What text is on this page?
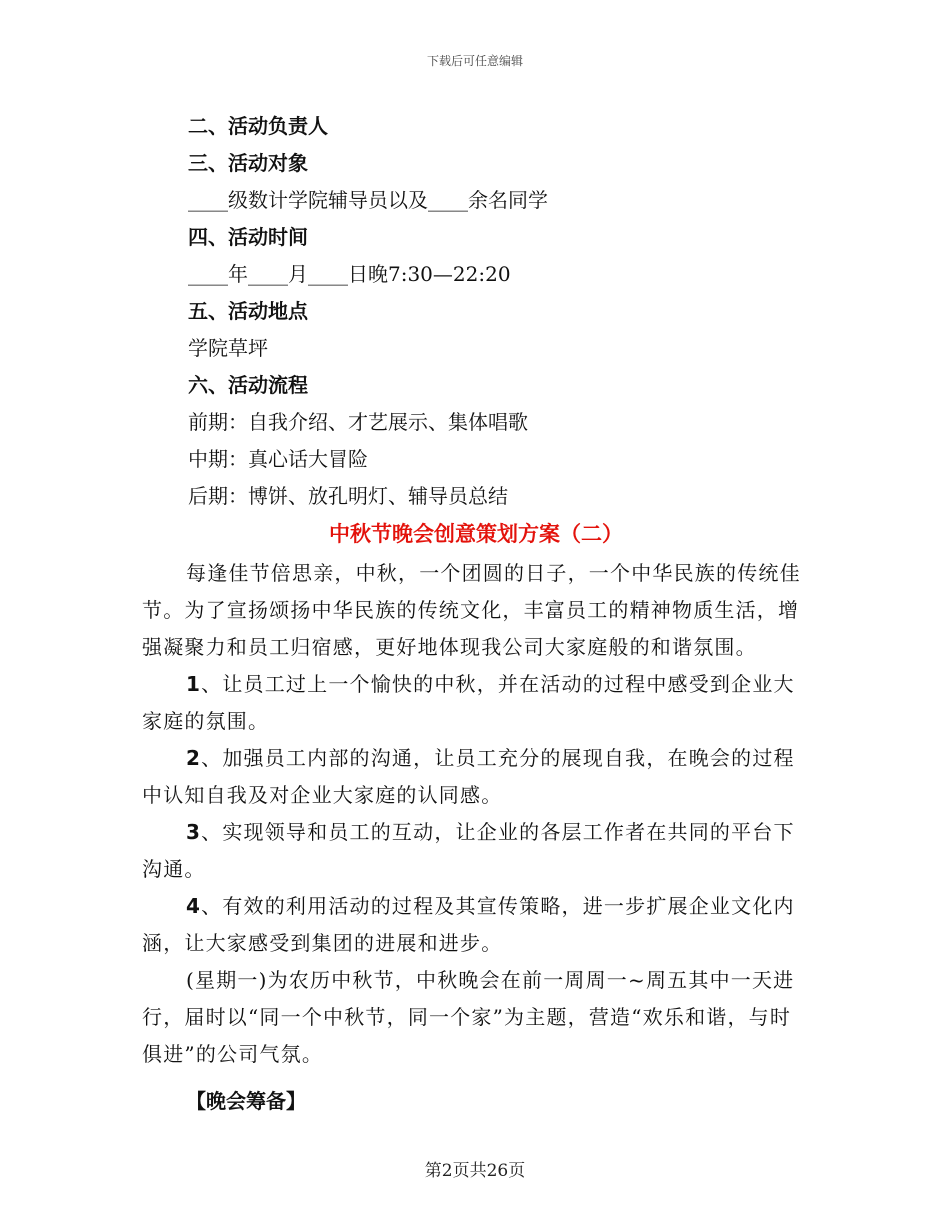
下载后可任意编辑
二、活动负责人
三、活动对象
____级数计学院辅导员以及____余名同学
四、活动时间
____年____月____日晚7:30—22:20
五、活动地点
学院草坪
六、活动流程
前期：自我介绍、才艺展示、集体唱歌
中期：真心话大冒险
后期：博饼、放孔明灯、辅导员总结
中秋节晚会创意策划方案（二）

每逢佳节倍思亲，中秋，一个团圆的日子，一个中华民族的传统佳节。为了宣扬颂扬中华民族的传统文化，丰富员工的精神物质生活，增强凝聚力和员工归宿感，更好地体现我公司大家庭般的和谐氛围。

1、让员工过上一个愉快的中秋，并在活动的过程中感受到企业大家庭的氛围。

2、加强员工内部的沟通，让员工充分的展现自我，在晚会的过程中认知自我及对企业大家庭的认同感。

3、实现领导和员工的互动，让企业的各层工作者在共同的平台下沟通。

4、有效的利用活动的过程及其宣传策略，进一步扩展企业文化内涵，让大家感受到集团的进展和进步。

(星期一)为农历中秋节，中秋晚会在前一周周一~周五其中一天进行，届时以“同一个中秋节，同一个家”为主题，营造“欢乐和谐，与时俱进”的公司气氛。

【晚会筹备】
第2页共26页
